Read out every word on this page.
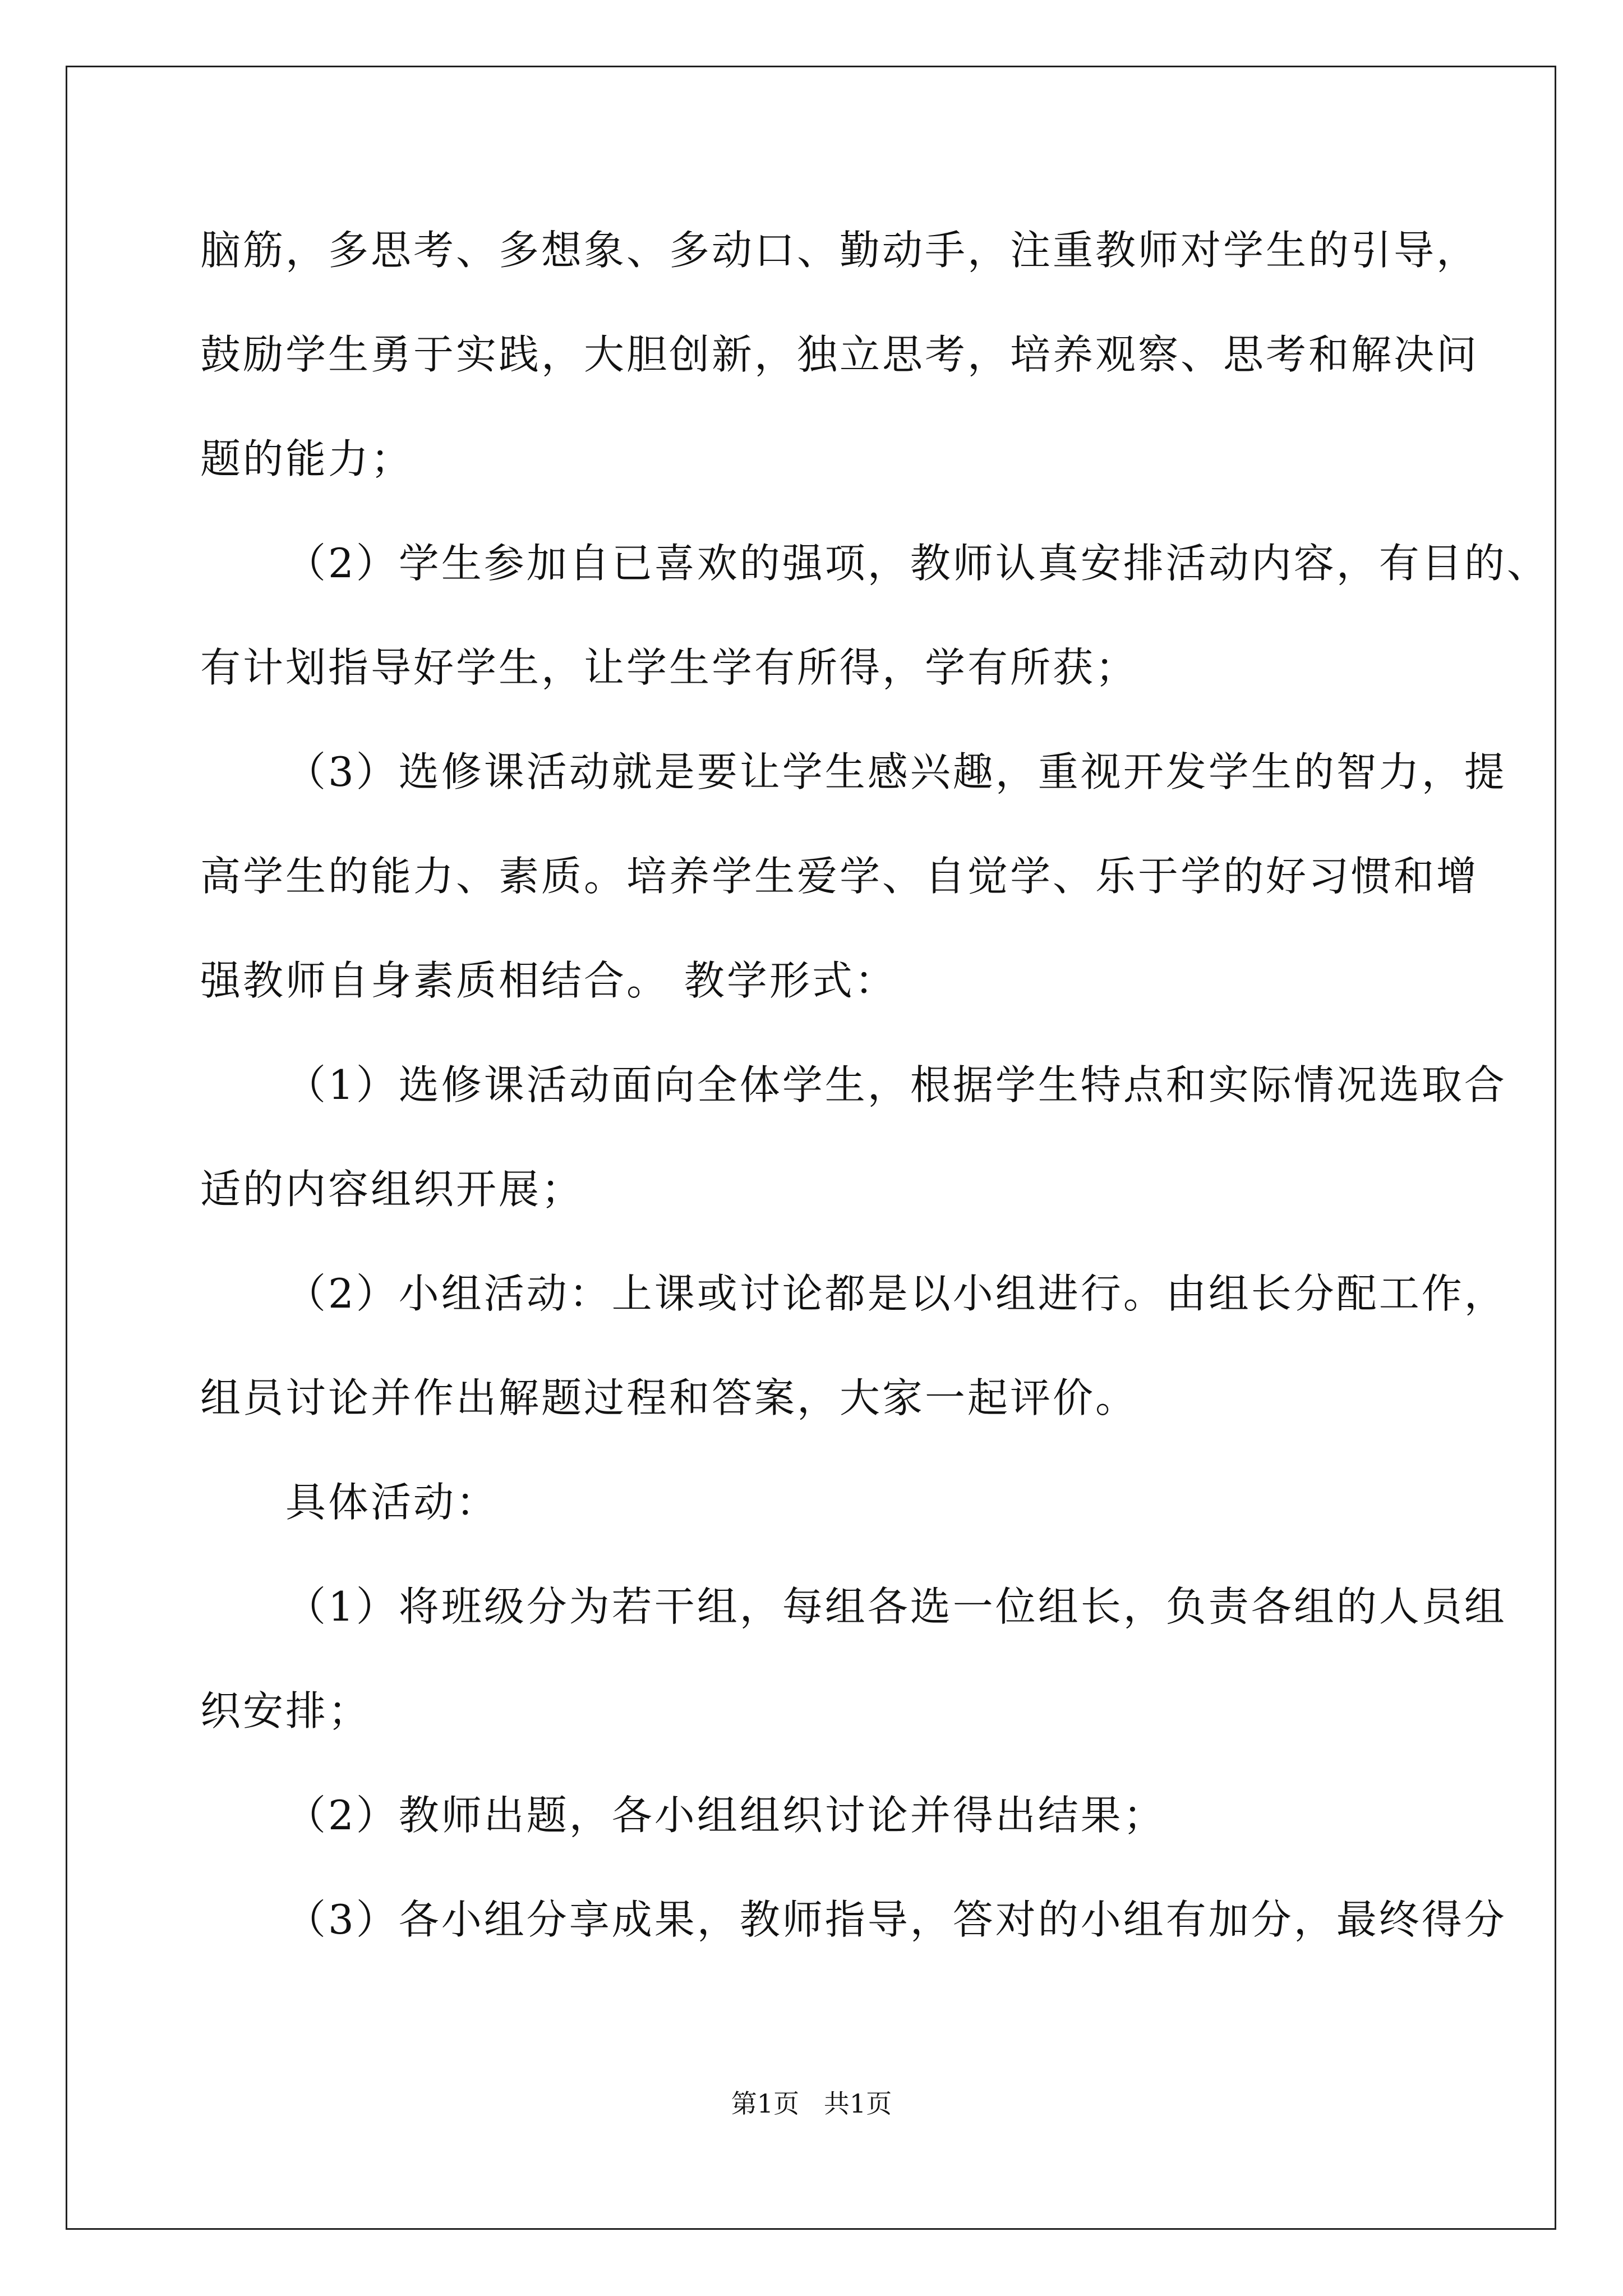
脑筋，多思考、多想象、多动口、勤动手，注重教师对学生的引导，
鼓励学生勇于实践，大胆创新，独立思考，培养观察、思考和解决问
题的能力；
（2）学生参加自已喜欢的强项，教师认真安排活动内容，有目的、
有计划指导好学生，让学生学有所得，学有所获；
（3）选修课活动就是要让学生感兴趣，重视开发学生的智力，提
高学生的能力、素质。培养学生爱学、自觉学、乐于学的好习惯和增
强教师自身素质相结合。 教学形式：
（1）选修课活动面向全体学生，根据学生特点和实际情况选取合
适的内容组织开展；
（2）小组活动：上课或讨论都是以小组进行。由组长分配工作，
组员讨论并作出解题过程和答案，大家一起评价。
具体活动：
（1）将班级分为若干组，每组各选一位组长，负责各组的人员组
织安排；
（2）教师出题，各小组组织讨论并得出结果；
（3）各小组分享成果，教师指导，答对的小组有加分，最终得分
第1页   共1页
